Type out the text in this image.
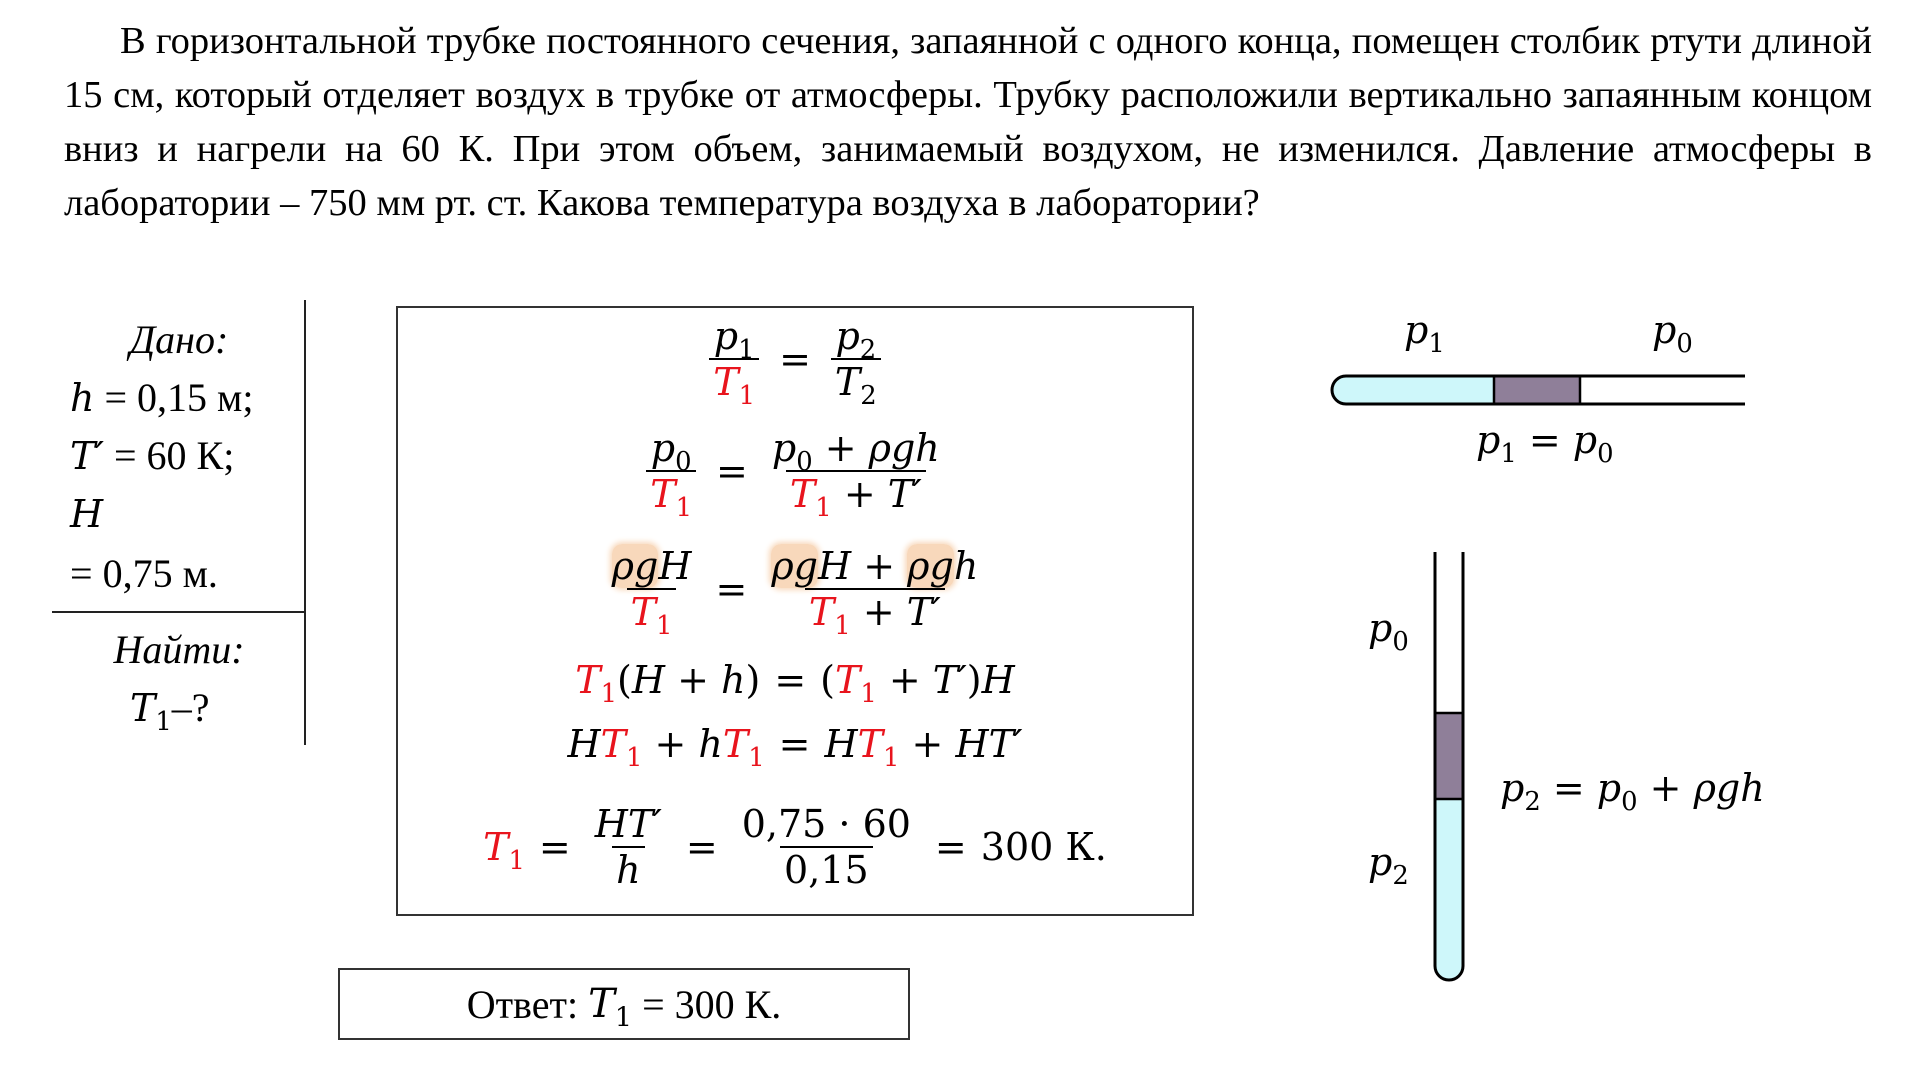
В горизонтальной трубке постоянного сечения, запаянной с одного конца, помещен столбик ртути длиной 15 см, который отделяет воздух в трубке от атмосферы. Трубку расположили вертикально запаянным концом вниз и нагрели на 60 К. При этом объем, занимаемый воздухом, не изменился. Давление атмосферы в лаборатории – 750 мм рт. ст. Какова температура воздуха в лаборатории?
Дано:
h = 0,15 м;
T′ = 60 К;
H
= 0,75 м.
Найти:
$T_1-$?
$\frac{p_1}{T_1} = \frac{p_2}{T_2}$
$\frac{p_0}{T_1} = \frac{p_0 + \rho gh}{T_1 + T'}$
$\frac{\text{ρgH}}{T_1} = \frac{\text{ρgH + ρgh}}{T_1 + T'}$
$T_1$ ( H + h ) = ( $T_1 + T'$ ) H
H $T_1 + h$ $T_1 = H$ $T_1 + HT'$
$T_1 = \frac{HT'}{h} = \frac{0,75 \cdot 60}{0,15} = 300$ К.
Ответ:
$T_1 = 300$ К.
$p_1$	$p_0$
$p_1 = p_0$
$p_0$
$p_2$
$p_2 = p_0 + \rho gh$
